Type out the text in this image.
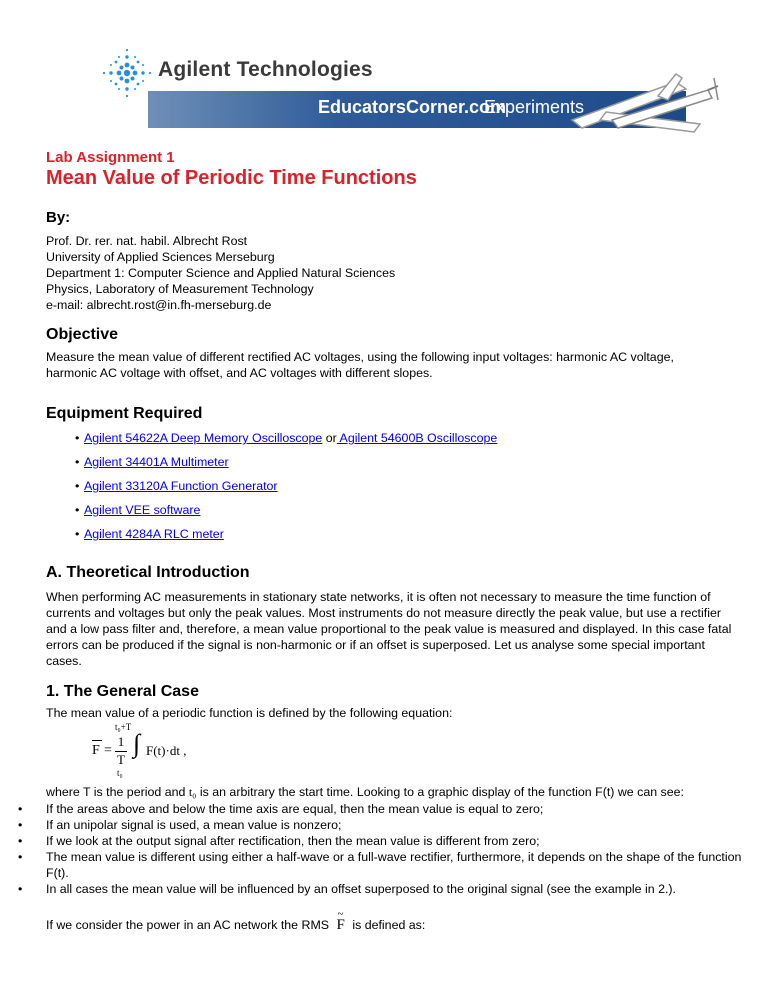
Agilent Technologies
EducatorsCorner.com
Experiments
Lab Assignment 1
Mean Value of Periodic Time Functions
By:
Prof. Dr. rer. nat. habil. Albrecht Rost
University of Applied Sciences Merseburg
Department 1: Computer Science and Applied Natural Sciences
Physics, Laboratory of Measurement Technology
e-mail: albrecht.rost@in.fh-merseburg.de
Objective
Measure the mean value of different rectified AC voltages, using the following input voltages: harmonic AC voltage, harmonic AC voltage with offset, and AC voltages with different slopes.
Equipment Required
• Agilent 54622A Deep Memory Oscilloscope or Agilent 54600B Oscilloscope
• Agilent 34401A Multimeter
• Agilent 33120A Function Generator
• Agilent VEE software
• Agilent 4284A RLC meter
A. Theoretical Introduction
When performing AC measurements in stationary state networks, it is often not necessary to measure the time function of currents and voltages but only the peak values. Most instruments do not measure directly the peak value, but use a rectifier and a low pass filter and, therefore, a mean value proportional to the peak value is measured and displayed. In this case fatal errors can be produced if the signal is non-harmonic or if an offset is superposed. Let us analyse some special important cases.
1. The General Case
The mean value of a periodic function is defined by the following equation:
F =
1
T
t₀+T
∫
t₀
F(t)·dt ,
where T is the period and t₀ is an arbitrary the start time. Looking to a graphic display of the function F(t) we can see:
• If the areas above and below the time axis are equal, then the mean value is equal to zero;
• If an unipolar signal is used, a mean value is nonzero;
• If we look at the output signal after rectification, then the mean value is different from zero;
• The mean value is different using either a half-wave or a full-wave rectifier, furthermore, it depends on the shape of the function F(t).
• In all cases the mean value will be influenced by an offset superposed to the original signal (see the example in 2.).
If we consider the power in an AC network the RMS
~
F is defined as:
